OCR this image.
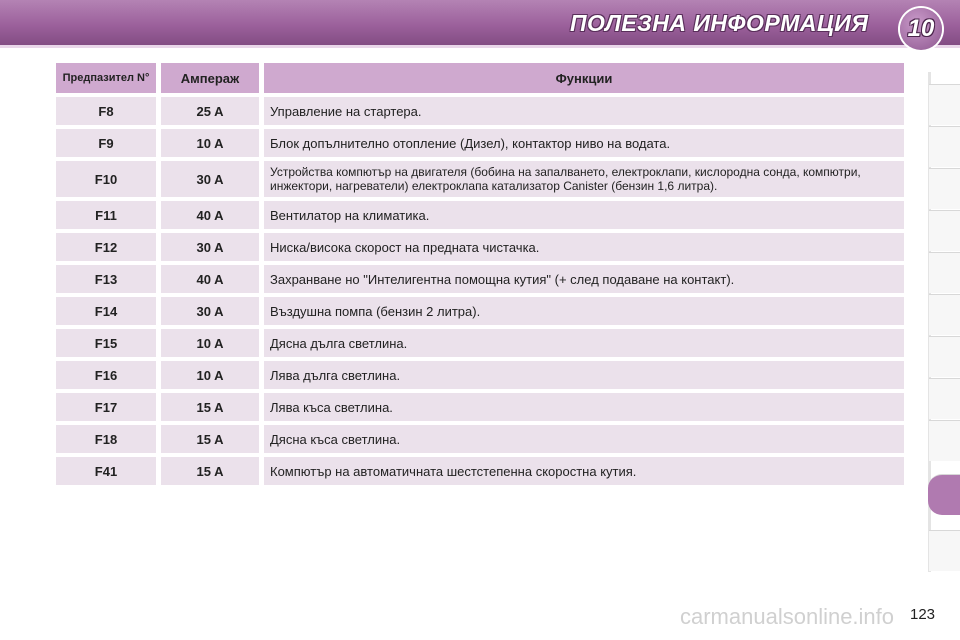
ПОЛЕЗНА ИНФОРМАЦИЯ 10
Предпазител N°	Ампераж	Функции
F8	25 A	Управление на стартера.
F9	10 A	Блок допълнително отопление (Дизел), контактор ниво на водата.
F10	30 A	Устройства компютър на двигателя (бобина на запалването, електроклапи, кислородна сонда, компютри, инжектори, нагреватели) електроклапа катализатор Canister (бензин 1,6 литра).
F11	40 A	Вентилатор на климатика.
F12	30 A	Ниска/висока скорост на предната чистачка.
F13	40 A	Захранване но "Интелигентна помощна кутия" (+ след подаване на контакт).
F14	30 A	Въздушна помпа (бензин 2 литра).
F15	10 A	Дясна дълга светлина.
F16	10 A	Лява дълга светлина.
F17	15 A	Лява къса светлина.
F18	15 A	Дясна къса светлина.
F41	15 A	Компютър на автоматичната шестстепенна скоростна кутия.
carmanualsonline.info 123
